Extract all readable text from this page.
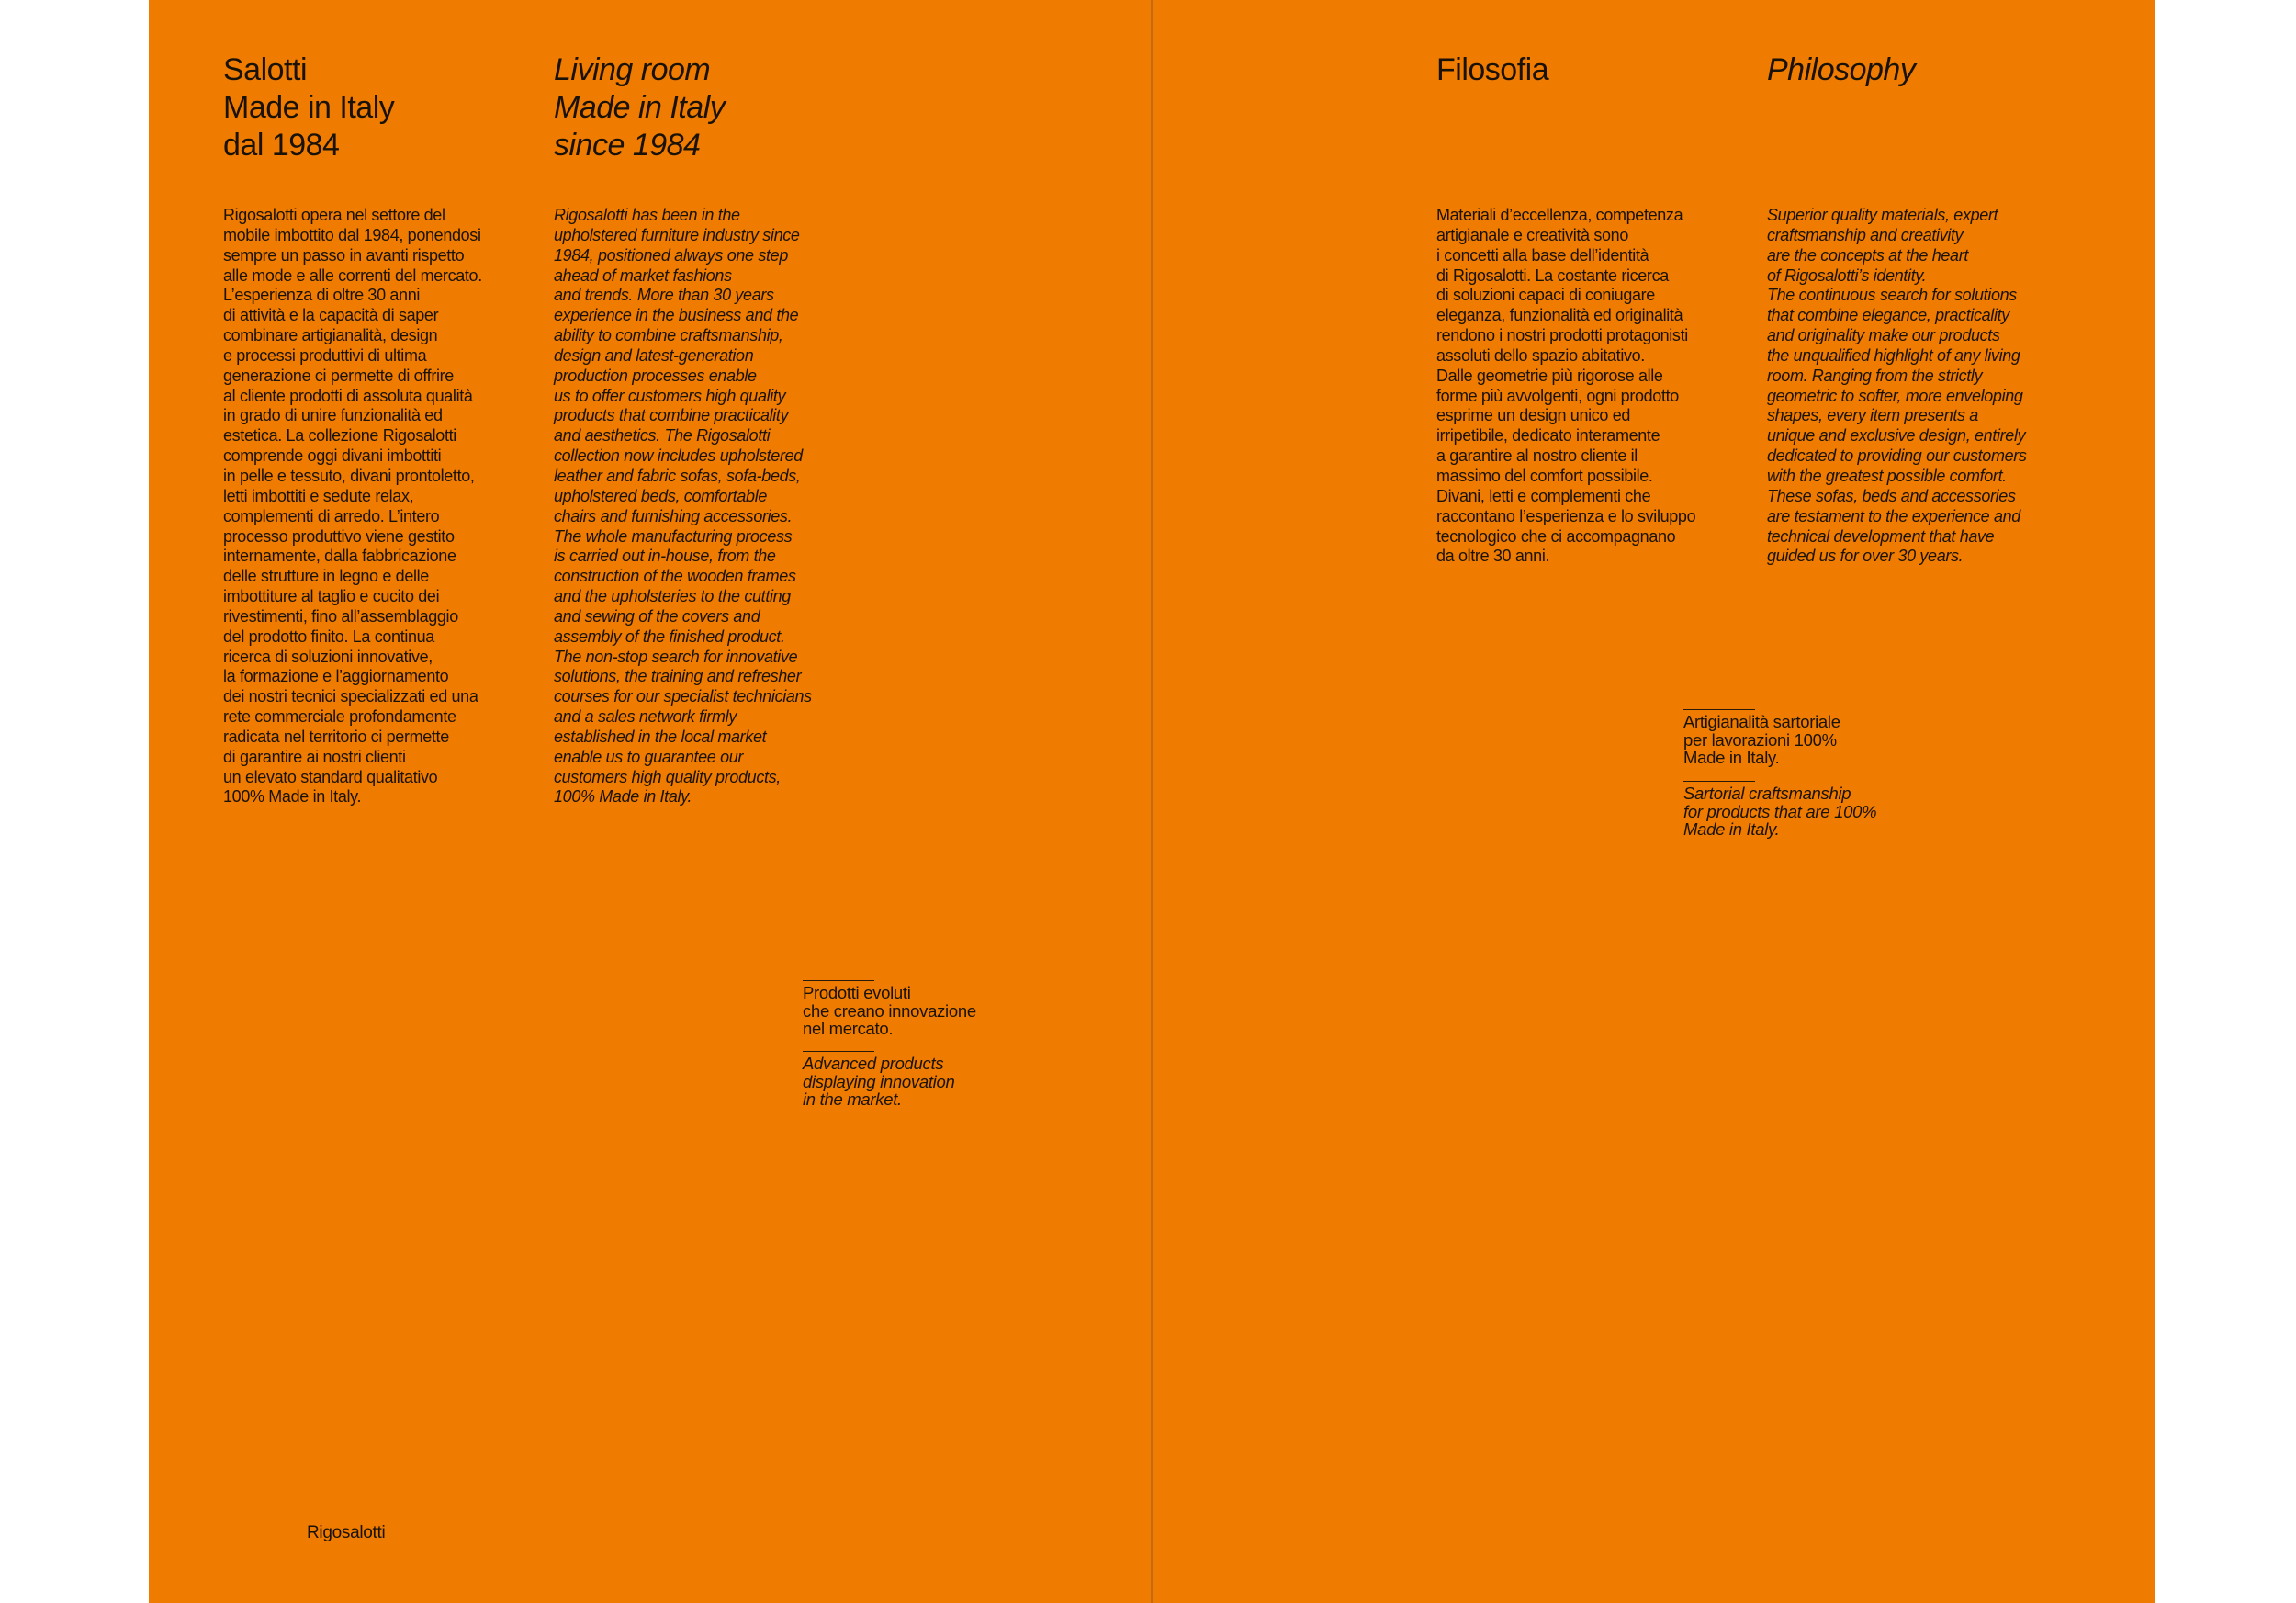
Salotti
Made in Italy
dal 1984
Living room
Made in Italy
since 1984
Rigosalotti opera nel settore del
mobile imbottito dal 1984, ponendosi
sempre un passo in avanti rispetto
alle mode e alle correnti del mercato.
L’esperienza di oltre 30 anni
di attività e la capacità di saper
combinare artigianalità, design
e processi produttivi di ultima
generazione ci permette di offrire
al cliente prodotti di assoluta qualità
in grado di unire funzionalità ed
estetica. La collezione Rigosalotti
comprende oggi divani imbottiti
in pelle e tessuto, divani prontoletto,
letti imbottiti e sedute relax,
complementi di arredo. L’intero
processo produttivo viene gestito
internamente, dalla fabbricazione
delle strutture in legno e delle
imbottiture al taglio e cucito dei
rivestimenti, fino all’assemblaggio
del prodotto finito. La continua
ricerca di soluzioni innovative,
la formazione e l’aggiornamento
dei nostri tecnici specializzati ed una
rete commerciale profondamente
radicata nel territorio ci permette
di garantire ai nostri clienti
un elevato standard qualitativo
100% Made in Italy.
Rigosalotti has been in the
upholstered furniture industry since
1984, positioned always one step
ahead of market fashions
and trends. More than 30 years
experience in the business and the
ability to combine craftsmanship,
design and latest-generation
production processes enable
us to offer customers high quality
products that combine practicality
and aesthetics. The Rigosalotti
collection now includes upholstered
leather and fabric sofas, sofa-beds,
upholstered beds, comfortable
chairs and furnishing accessories.
The whole manufacturing process
is carried out in-house, from the
construction of the wooden frames
and the upholsteries to the cutting
and sewing of the covers and
assembly of the finished product.
The non-stop search for innovative
solutions, the training and refresher
courses for our specialist technicians
and a sales network firmly
established in the local market
enable us to guarantee our
customers high quality products,
100% Made in Italy.
Prodotti evoluti
che creano innovazione
nel mercato.
Advanced products
displaying innovation
in the market.
Rigosalotti
Filosofia	Philosophy
Materiali d’eccellenza, competenza
artigianale e creatività sono
i concetti alla base dell’identità
di Rigosalotti. La costante ricerca
di soluzioni capaci di coniugare
eleganza, funzionalità ed originalità
rendono i nostri prodotti protagonisti
assoluti dello spazio abitativo.
Dalle geometrie più rigorose alle
forme più avvolgenti, ogni prodotto
esprime un design unico ed
irripetibile, dedicato interamente
a garantire al nostro cliente il
massimo del comfort possibile.
Divani, letti e complementi che
raccontano l’esperienza e lo sviluppo
tecnologico che ci accompagnano
da oltre 30 anni.
Superior quality materials, expert
craftsmanship and creativity
are the concepts at the heart
of Rigosalotti’s identity.
The continuous search for solutions
that combine elegance, practicality
and originality make our products
the unqualified highlight of any living
room. Ranging from the strictly
geometric to softer, more enveloping
shapes, every item presents a
unique and exclusive design, entirely
dedicated to providing our customers
with the greatest possible comfort.
These sofas, beds and accessories
are testament to the experience and
technical development that have
guided us for over 30 years.
Artigianalità sartoriale
per lavorazioni 100%
Made in Italy.
Sartorial craftsmanship
for products that are 100%
Made in Italy.
